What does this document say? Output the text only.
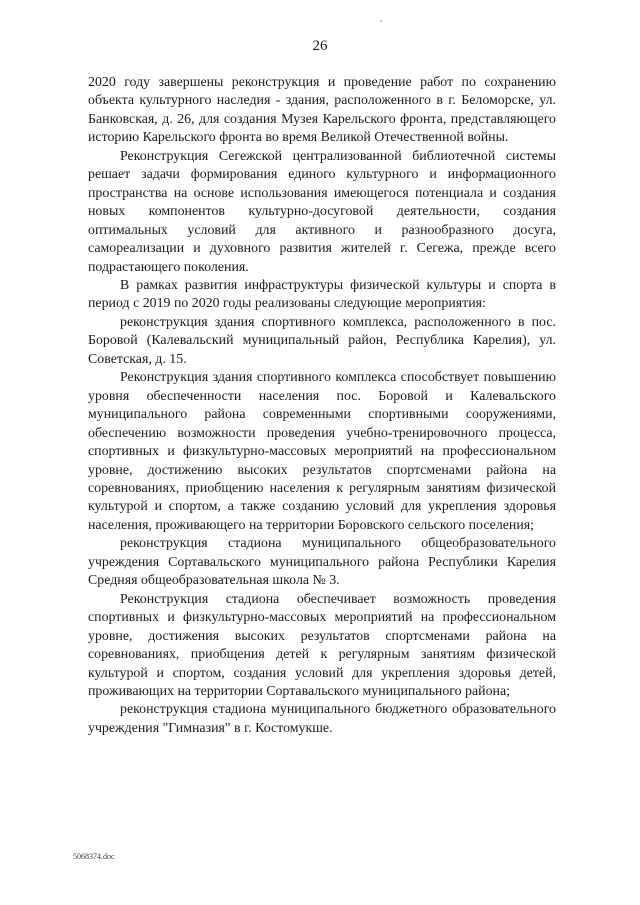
26

2020 году завершены реконструкция и проведение работ по сохранению объекта культурного наследия - здания, расположенного в г. Беломорске, ул. Банковская, д. 26, для создания Музея Карельского фронта, представляющего историю Карельского фронта во время Великой Отечественной войны.

Реконструкция Сегежской централизованной библиотечной системы решает задачи формирования единого культурного и информационного пространства на основе использования имеющегося потенциала и создания новых компонентов культурно-досуговой деятельности, создания оптимальных условий для активного и разнообразного досуга, самореализации и духовного развития жителей г. Сегежа, прежде всего подрастающего поколения.

В рамках развития инфраструктуры физической культуры и спорта в период с 2019 по 2020 годы реализованы следующие мероприятия:

реконструкция здания спортивного комплекса, расположенного в пос. Боровой (Калевальский муниципальный район, Республика Карелия), ул. Советская, д. 15.

Реконструкция здания спортивного комплекса способствует повышению уровня обеспеченности населения пос. Боровой и Калевальского муниципального района современными спортивными сооружениями, обеспечению возможности проведения учебно-тренировочного процесса, спортивных и физкультурно-массовых мероприятий на профессиональном уровне, достижению высоких результатов спортсменами района на соревнованиях, приобщению населения к регулярным занятиям физической культурой и спортом, а также созданию условий для укрепления здоровья населения, проживающего на территории Боровского сельского поселения;

реконструкция стадиона муниципального общеобразовательного учреждения Сортавальского муниципального района Республики Карелия Средняя общеобразовательная школа № 3.

Реконструкция стадиона обеспечивает возможность проведения спортивных и физкультурно-массовых мероприятий на профессиональном уровне, достижения высоких результатов спортсменами района на соревнованиях, приобщения детей к регулярным занятиям физической культурой и спортом, создания условий для укрепления здоровья детей, проживающих на территории Сортавальского муниципального района;

реконструкция стадиона муниципального бюджетного образовательного учреждения "Гимназия" в г. Костомукше.

5068374.doc
